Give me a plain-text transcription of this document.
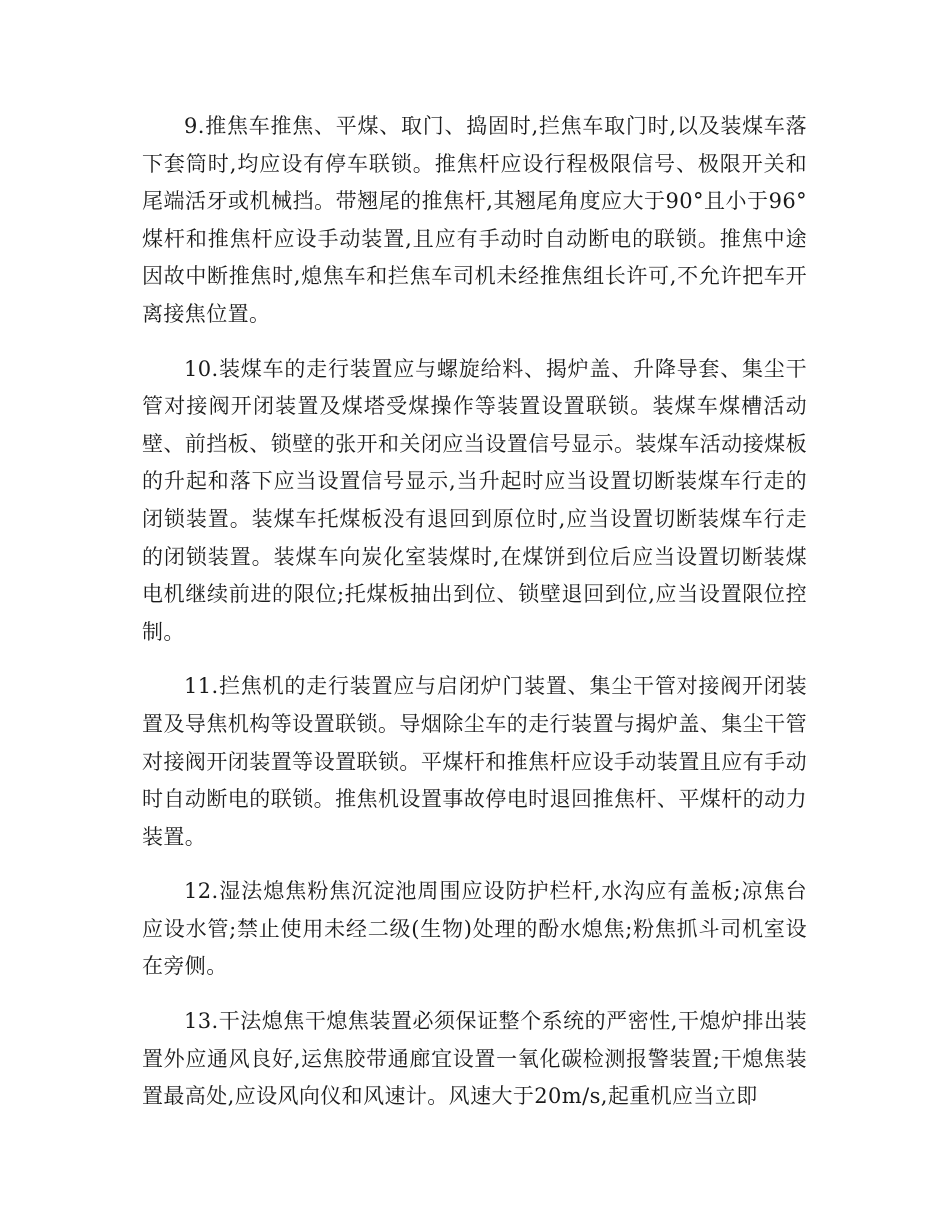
9.推焦车推焦、平煤、取门、捣固时,拦焦车取门时,以及装煤车落下套筒时,均应设有停车联锁。推焦杆应设行程极限信号、极限开关和尾端活牙或机械挡。带翘尾的推焦杆,其翘尾角度应大于90°且小于96°煤杆和推焦杆应设手动装置,且应有手动时自动断电的联锁。推焦中途因故中断推焦时,熄焦车和拦焦车司机未经推焦组长许可,不允许把车开离接焦位置。

10.装煤车的走行装置应与螺旋给料、揭炉盖、升降导套、集尘干管对接阀开闭装置及煤塔受煤操作等装置设置联锁。装煤车煤槽活动壁、前挡板、锁壁的张开和关闭应当设置信号显示。装煤车活动接煤板的升起和落下应当设置信号显示,当升起时应当设置切断装煤车行走的闭锁装置。装煤车托煤板没有退回到原位时,应当设置切断装煤车行走的闭锁装置。装煤车向炭化室装煤时,在煤饼到位后应当设置切断装煤电机继续前进的限位;托煤板抽出到位、锁壁退回到位,应当设置限位控制。

11.拦焦机的走行装置应与启闭炉门装置、集尘干管对接阀开闭装置及导焦机构等设置联锁。导烟除尘车的走行装置与揭炉盖、集尘干管对接阀开闭装置等设置联锁。平煤杆和推焦杆应设手动装置且应有手动时自动断电的联锁。推焦机设置事故停电时退回推焦杆、平煤杆的动力装置。

12.湿法熄焦粉焦沉淀池周围应设防护栏杆,水沟应有盖板;凉焦台应设水管;禁止使用未经二级(生物)处理的酚水熄焦;粉焦抓斗司机室设在旁侧。

13.干法熄焦干熄焦装置必须保证整个系统的严密性,干熄炉排出装置外应通风良好,运焦胶带通廊宜设置一氧化碳检测报警装置;干熄焦装置最高处,应设风向仪和风速计。风速大于20m/s,起重机应当立即
